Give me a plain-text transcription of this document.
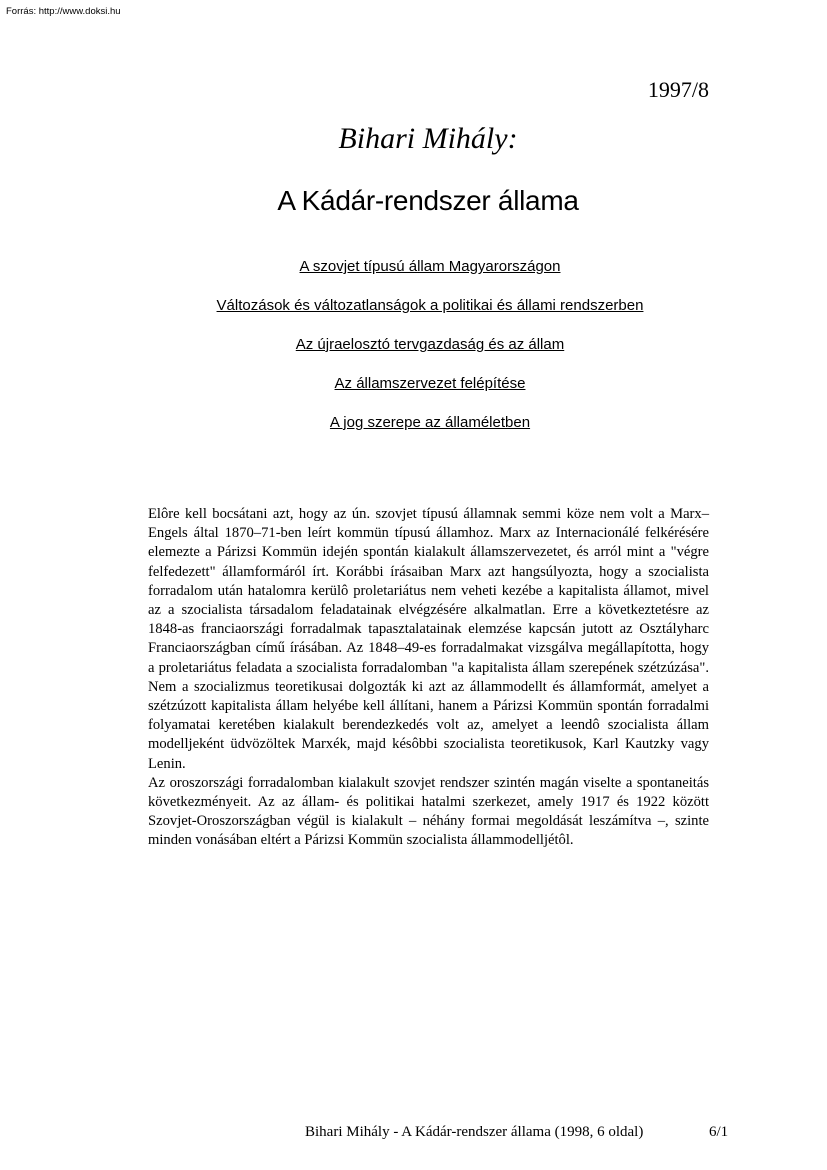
Forrás: http://www.doksi.hu
1997/8
Bihari Mihály:
A Kádár-rendszer állama
A szovjet típusú állam Magyarországon
Változások és változatlanságok a politikai és állami rendszerben
Az újraelosztó tervgazdaság és az állam
Az államszervezet felépítése
A jog szerepe az államéletben

Elôre kell bocsátani azt, hogy az ún. szovjet típusú államnak semmi köze nem volt a Marx–Engels által 1870–71-ben leírt kommün típusú államhoz. Marx az Internacionálé felkérésére elemezte a Párizsi Kommün idején spontán kialakult államszervezetet, és arról mint a "végre felfedezett" államformáról írt. Korábbi írásaiban Marx azt hangsúlyozta, hogy a szocialista forradalom után hatalomra kerülô proletariátus nem veheti kezébe a kapitalista államot, mivel az a szocialista társadalom feladatainak elvégzésére alkalmatlan. Erre a következtetésre az 1848-as franciaországi forradalmak tapasztalatainak elemzése kapcsán jutott az Osztályharc Franciaországban című írásában. Az 1848–49-es forradalmakat vizsgálva megállapította, hogy a proletariátus feladata a szocialista forradalomban "a kapitalista állam szerepének szétzúzása". Nem a szocializmus teoretikusai dolgozták ki azt az állammodellt és államformát, amelyet a szétzúzott kapitalista állam helyébe kell állítani, hanem a Párizsi Kommün spontán forradalmi folyamatai keretében kialakult berendezkedés volt az, amelyet a leendô szocialista állam modelljeként üdvözöltek Marxék, majd késôbbi szocialista teoretikusok, Karl Kautzky vagy Lenin.

Az oroszországi forradalomban kialakult szovjet rendszer szintén magán viselte a spontaneitás következményeit. Az az állam- és politikai hatalmi szerkezet, amely 1917 és 1922 között Szovjet-Oroszországban végül is kialakult – néhány formai megoldását leszámítva –, szinte minden vonásában eltért a Párizsi Kommün szocialista állammodelljétôl.

Bihari Mihály - A Kádár-rendszer állama (1998, 6 oldal)	6/1
